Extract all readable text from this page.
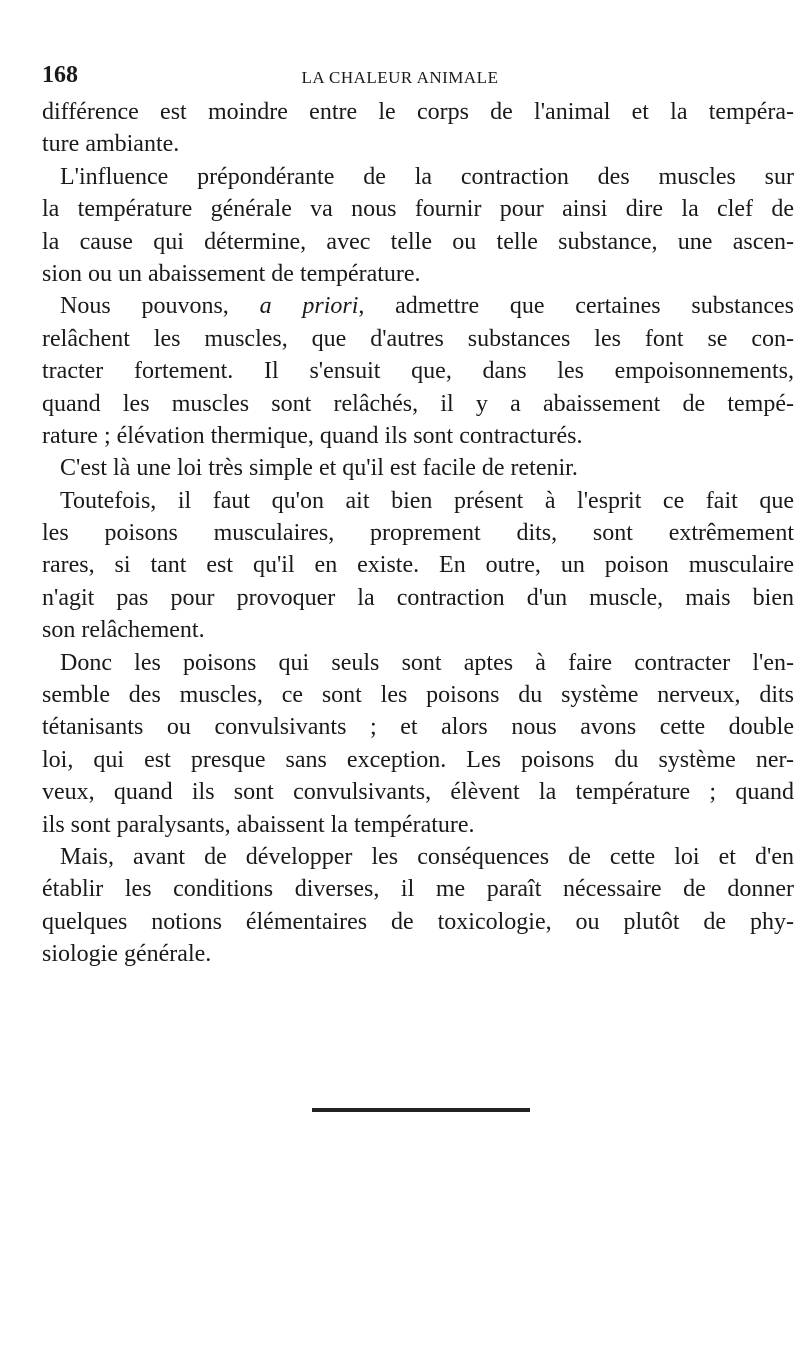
168	LA CHALEUR ANIMALE
différence est moindre entre le corps de l'animal et la tempéra-
ture ambiante.
L'influence prépondérante de la contraction des muscles sur
la température générale va nous fournir pour ainsi dire la clef de
la cause qui détermine, avec telle ou telle substance, une ascen-
sion ou un abaissement de température.
Nous pouvons, a priori, admettre que certaines substances
relâchent les muscles, que d'autres substances les font se con-
tracter fortement. Il s'ensuit que, dans les empoisonnements,
quand les muscles sont relâchés, il y a abaissement de tempé-
rature ; élévation thermique, quand ils sont contracturés.
C'est là une loi très simple et qu'il est facile de retenir.
Toutefois, il faut qu'on ait bien présent à l'esprit ce fait que
les poisons musculaires, proprement dits, sont extrêmement
rares, si tant est qu'il en existe. En outre, un poison musculaire
n'agit pas pour provoquer la contraction d'un muscle, mais bien
son relâchement.
Donc les poisons qui seuls sont aptes à faire contracter l'en-
semble des muscles, ce sont les poisons du système nerveux, dits
tétanisants ou convulsivants ; et alors nous avons cette double
loi, qui est presque sans exception. Les poisons du système ner-
veux, quand ils sont convulsivants, élèvent la température ; quand
ils sont paralysants, abaissent la température.
Mais, avant de développer les conséquences de cette loi et d'en
établir les conditions diverses, il me paraît nécessaire de donner
quelques notions élémentaires de toxicologie, ou plutôt de phy-
siologie générale.
